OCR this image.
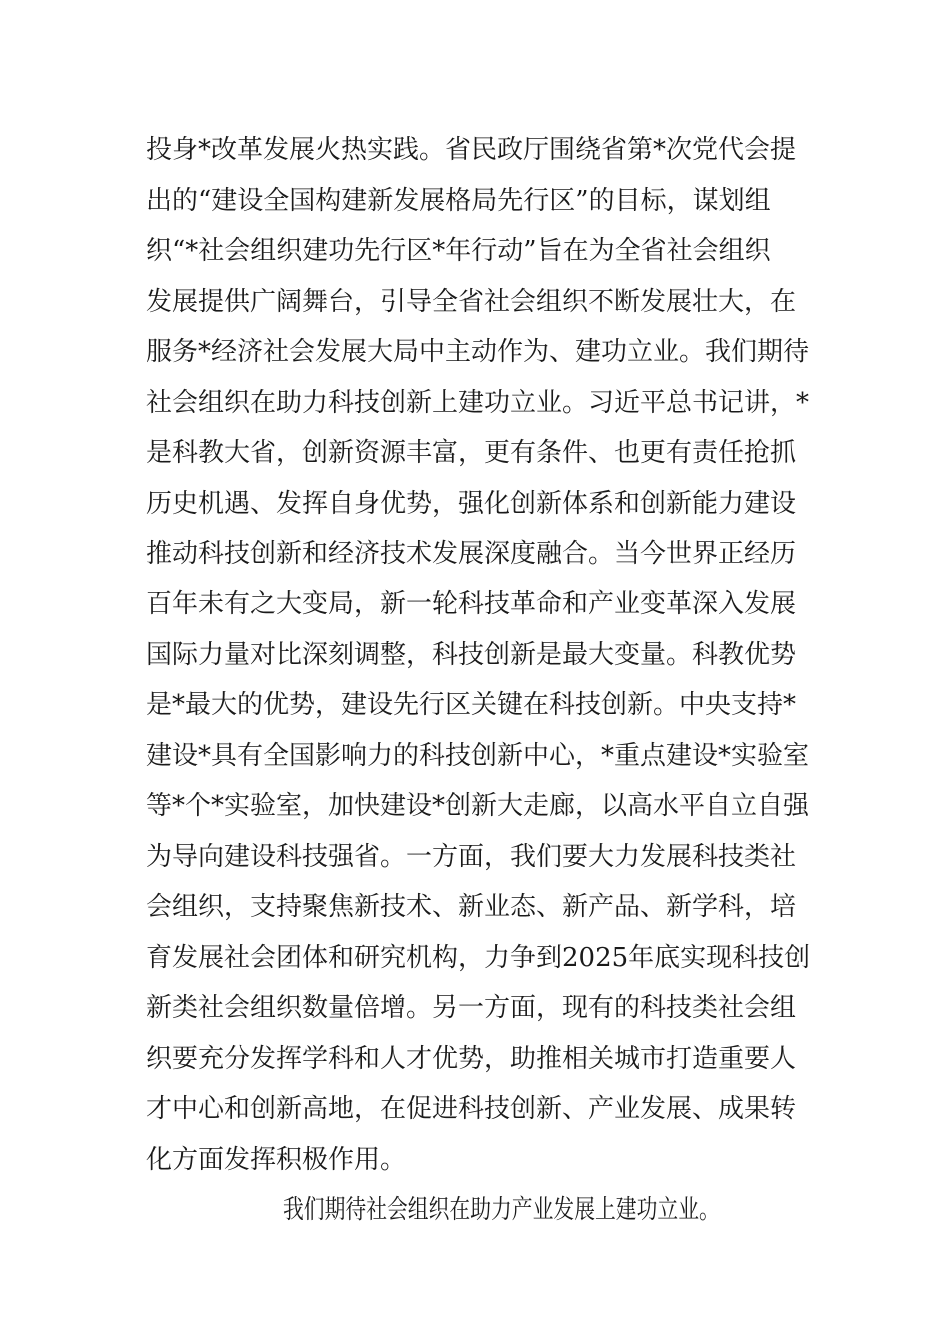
投身*改革发展火热实践。省民政厅围绕省第*次党代会提
出的“建设全国构建新发展格局先行区”的目标，谋划组
织“*社会组织建功先行区*年行动”旨在为全省社会组织
发展提供广阔舞台，引导全省社会组织不断发展壮大，在
服务*经济社会发展大局中主动作为、建功立业。我们期待
社会组织在助力科技创新上建功立业。习近平总书记讲，*
是科教大省，创新资源丰富，更有条件、也更有责任抢抓
历史机遇、发挥自身优势，强化创新体系和创新能力建设
推动科技创新和经济技术发展深度融合。当今世界正经历
百年未有之大变局，新一轮科技革命和产业变革深入发展
国际力量对比深刻调整，科技创新是最大变量。科教优势
是*最大的优势，建设先行区关键在科技创新。中央支持*
建设*具有全国影响力的科技创新中心，*重点建设*实验室
等*个*实验室，加快建设*创新大走廊，以高水平自立自强
为导向建设科技强省。一方面，我们要大力发展科技类社
会组织，支持聚焦新技术、新业态、新产品、新学科，培
育发展社会团体和研究机构，力争到2025年底实现科技创
新类社会组织数量倍增。另一方面，现有的科技类社会组
织要充分发挥学科和人才优势，助推相关城市打造重要人
才中心和创新高地，在促进科技创新、产业发展、成果转
化方面发挥积极作用。
我们期待社会组织在助力产业发展上建功立业。
